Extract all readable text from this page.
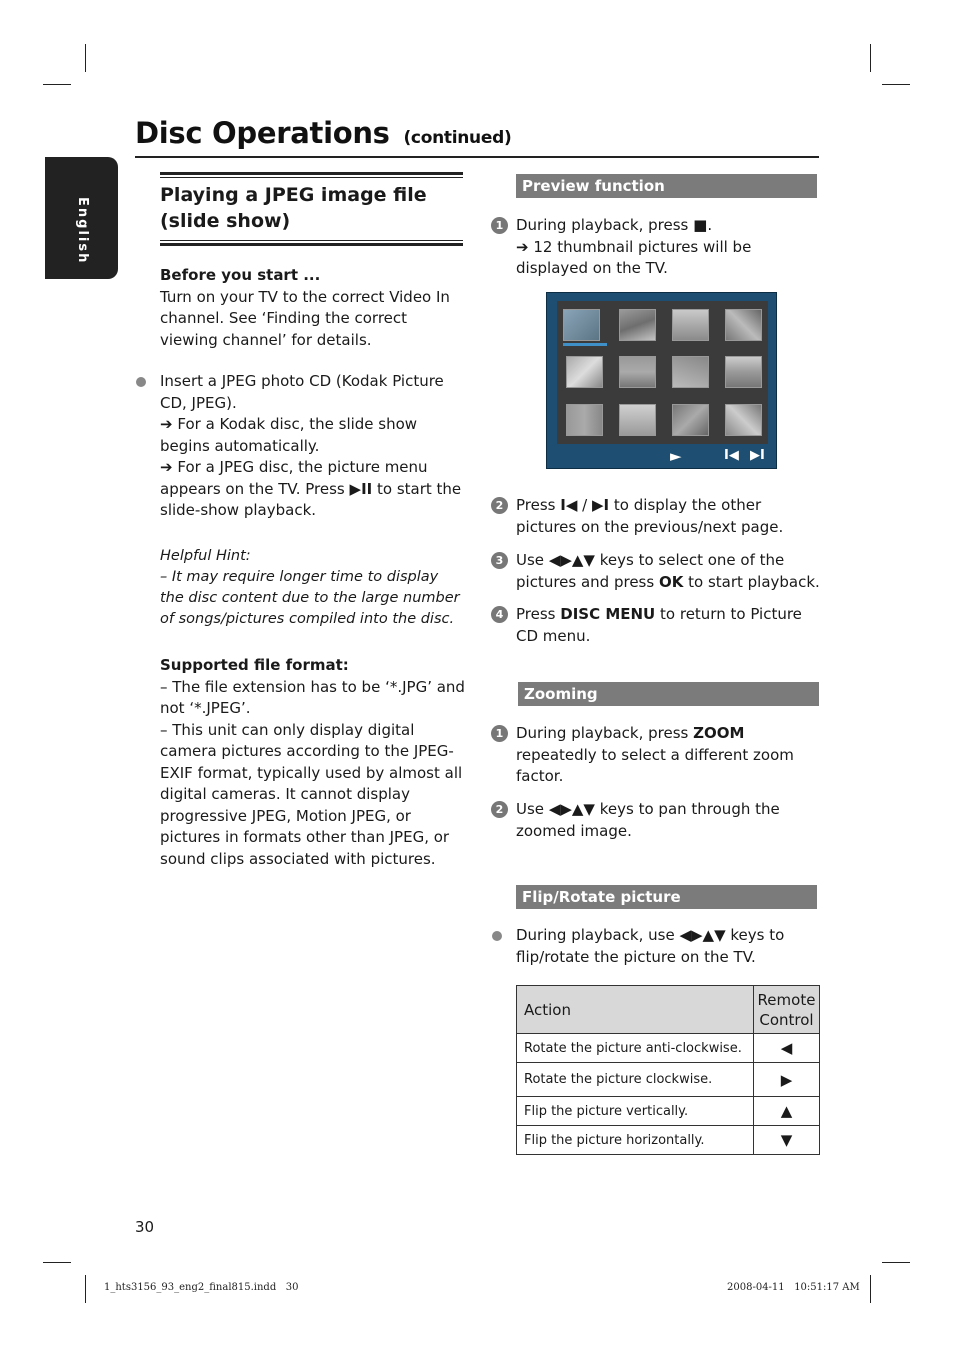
English
Disc Operations (continued)
Playing a JPEG image file
(slide show)

Before you start ...

Turn on your TV to the correct Video In channel. See ‘Finding the correct viewing channel’ for details.

Insert a JPEG photo CD (Kodak Picture CD, JPEG).

➔ For a Kodak disc, the slide show begins automatically.

➔ For a JPEG disc, the picture menu appears on the TV. Press ▶II to start the slide-show playback.

Helpful Hint:
– It may require longer time to display the disc content due to the large number of songs/pictures compiled into the disc.

Supported file format:

– The file extension has to be ‘*.JPG’ and not ‘*.JPEG’.

– This unit can only display digital camera pictures according to the JPEG-EXIF format, typically used by almost all digital cameras. It cannot display progressive JPEG, Motion JPEG, or pictures in formats other than JPEG, or sound clips associated with pictures.

Preview function
1 During playback, press ■.
➔ 12 thumbnail pictures will be displayed on the TV.
►	I◀ ▶I
2 Press I◀ / ▶I to display the other pictures on the previous/next page.
3 Use ◀▶▲▼ keys to select one of the pictures and press OK to start playback.
4 Press DISC MENU to return to Picture CD menu.
Zooming
1 During playback, press ZOOM repeatedly to select a different zoom factor.
2 Use ◀▶▲▼ keys to pan through the zoomed image.
Flip/Rotate picture
During playback, use ◀▶▲▼ keys to flip/rotate the picture on the TV.
Action	Remote
Control

Rotate the picture anti-clockwise.	◀
Rotate the picture clockwise.	▶
Flip the picture vertically.	▲
Flip the picture horizontally.	▼
30
1_hts3156_93_eng2_final815.indd   30	2008-04-11   10:51:17 AM
